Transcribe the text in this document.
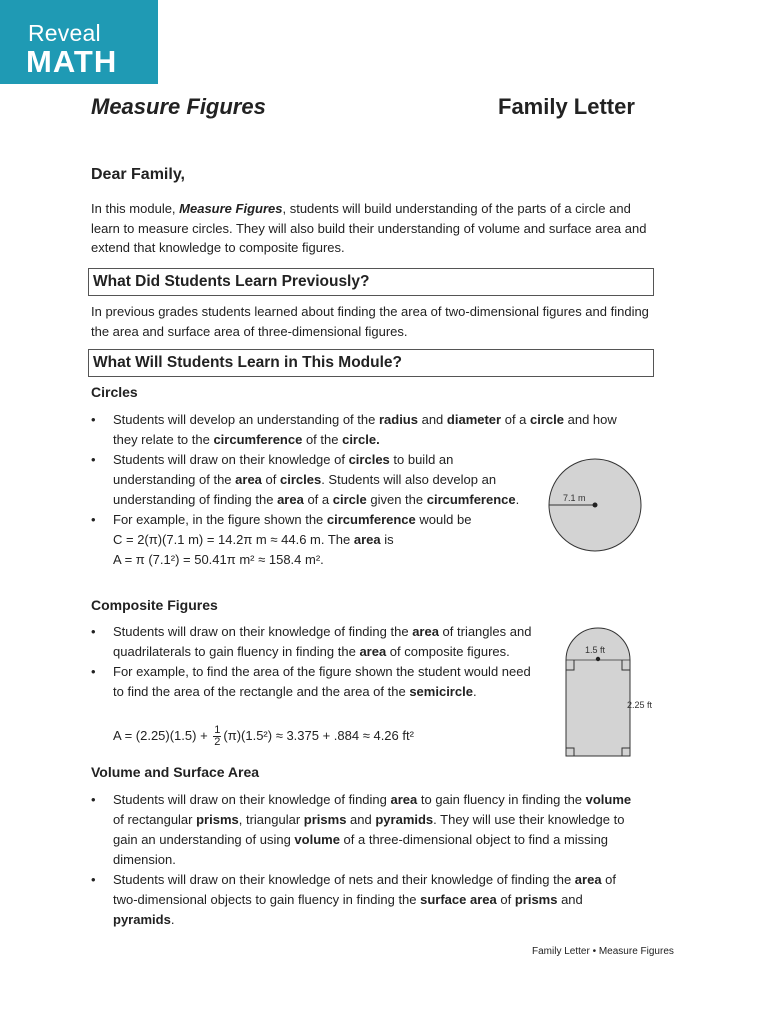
Reveal
MATH
Measure Figures	Family Letter
Dear Family,
In this module, Measure Figures, students will build understanding of the parts of a circle and learn to measure circles. They will also build their understanding of volume and surface area and extend that knowledge to composite figures.
What Did Students Learn Previously?
In previous grades students learned about finding the area of two-dimensional figures and finding the area and surface area of three-dimensional figures.
What Will Students Learn in This Module?
Circles
• Students will develop an understanding of the radius and diameter of a circle and how they relate to the circumference of the circle.
• Students will draw on their knowledge of circles to build an understanding of the area of circles. Students will also develop an understanding of finding the area of a circle given the circumference.
• For example, in the figure shown the circumference would be
C = 2(π)(7.1 m) = 14.2π m ≈ 44.6 m. The area is
A = π (7.1²) = 50.41π m² ≈ 158.4 m².
7.1 m
Composite Figures
• Students will draw on their knowledge of finding the area of triangles and quadrilaterals to gain fluency in finding the area of composite figures.
• For example, to find the area of the figure shown the student would need to find the area of the rectangle and the area of the semicircle.
$A = (2.25)(1.5) + \frac{1}{2} (\pi)(1.5^2) \approx 3.375 + .884 \approx 4.26$ ft²
1.5 ft
2.25 ft
Volume and Surface Area
• Students will draw on their knowledge of finding area to gain fluency in finding the volume of rectangular prisms, triangular prisms and pyramids. They will use their knowledge to gain an understanding of using volume of a three-dimensional object to find a missing dimension.
• Students will draw on their knowledge of nets and their knowledge of finding the area of two-dimensional objects to gain fluency in finding the surface area of prisms and pyramids.
Family Letter • Measure Figures
